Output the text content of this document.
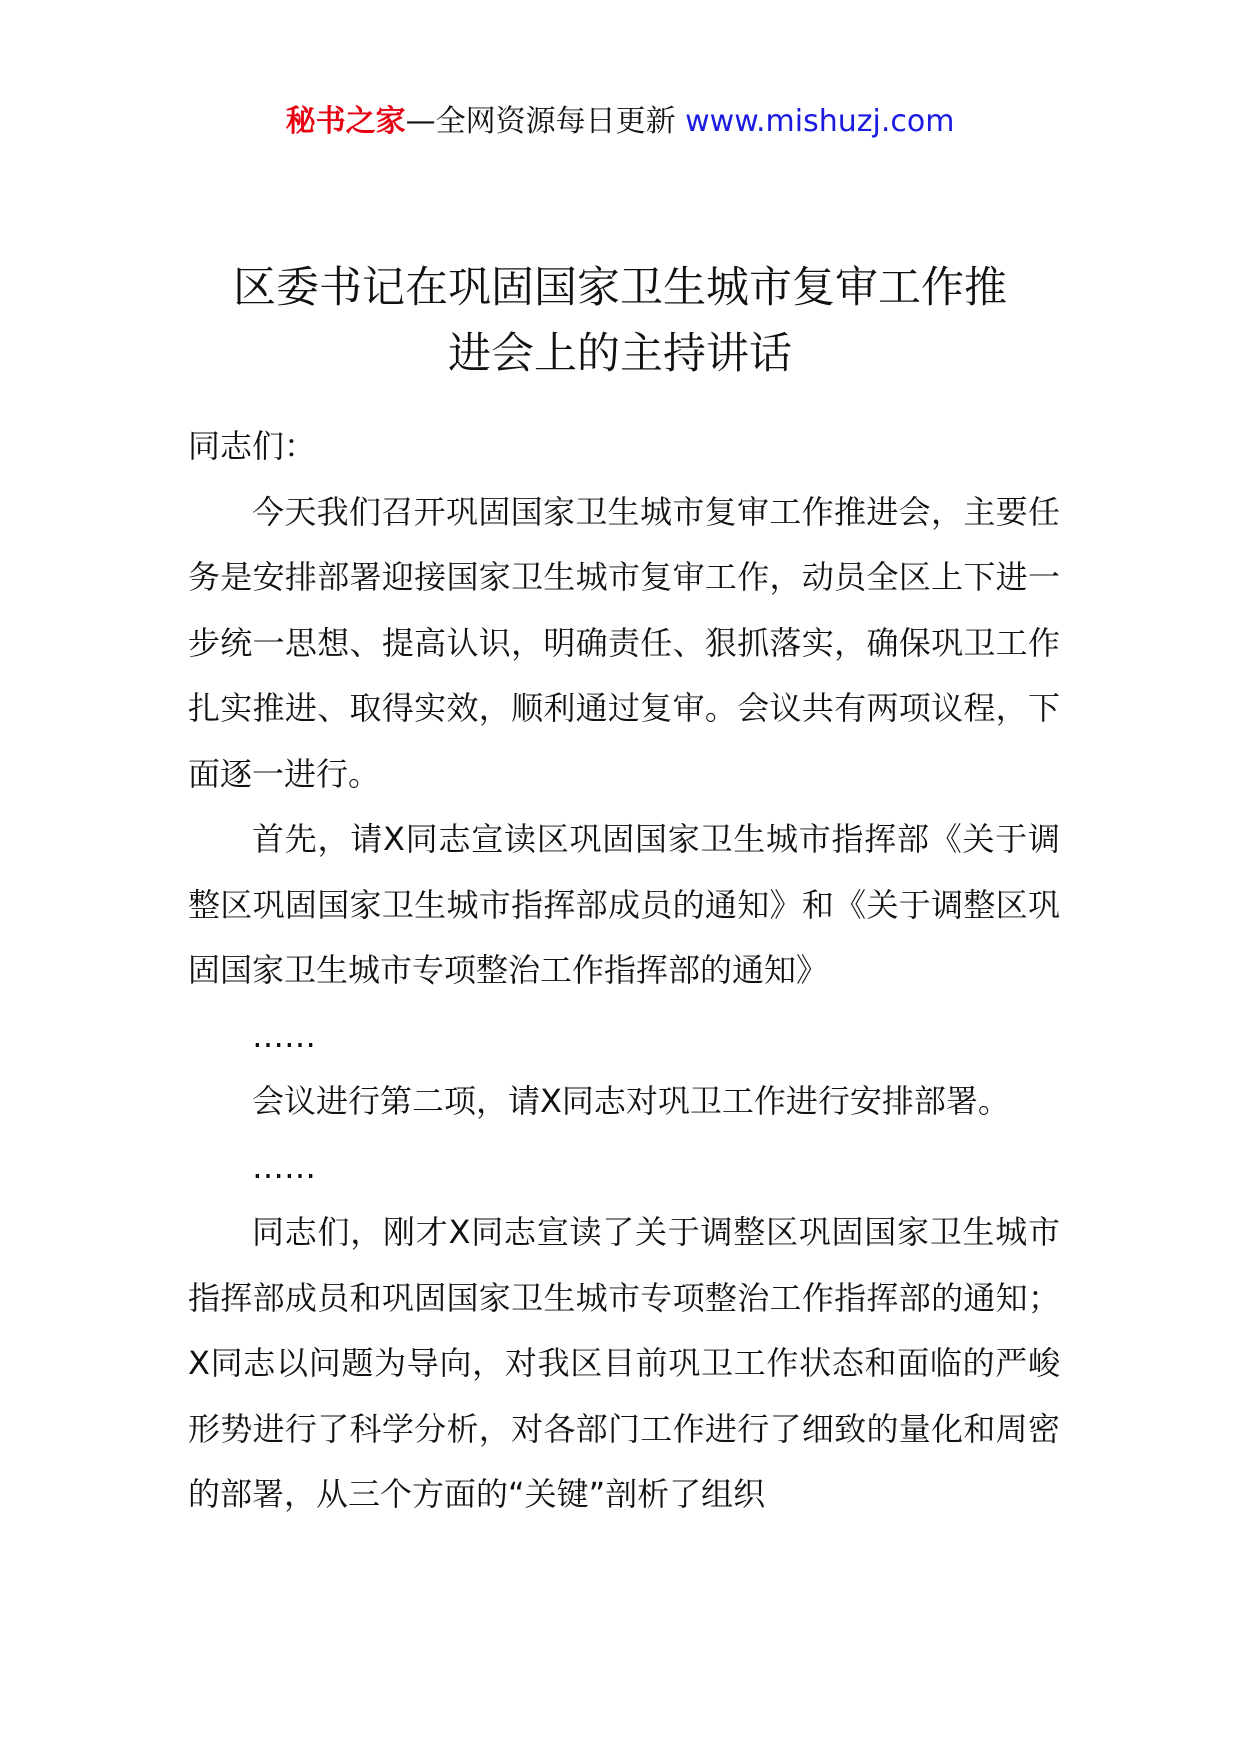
秘书之家—全网资源每日更新 www.mishuzj.com
区委书记在巩固国家卫生城市复审工作推
进会上的主持讲话

同志们：

今天我们召开巩固国家卫生城市复审工作推进会，主要任务是安排部署迎接国家卫生城市复审工作，动员全区上下进一步统一思想、提高认识，明确责任、狠抓落实，确保巩卫工作扎实推进、取得实效，顺利通过复审。会议共有两项议程，下面逐一进行。

首先，请X同志宣读区巩固国家卫生城市指挥部《关于调整区巩固国家卫生城市指挥部成员的通知》和《关于调整区巩固国家卫生城市专项整治工作指挥部的通知》

……

会议进行第二项，请X同志对巩卫工作进行安排部署。

……

同志们，刚才X同志宣读了关于调整区巩固国家卫生城市指挥部成员和巩固国家卫生城市专项整治工作指挥部的通知；X同志以问题为导向，对我区目前巩卫工作状态和面临的严峻形势进行了科学分析，对各部门工作进行了细致的量化和周密的部署，从三个方面的“关键”剖析了组织
